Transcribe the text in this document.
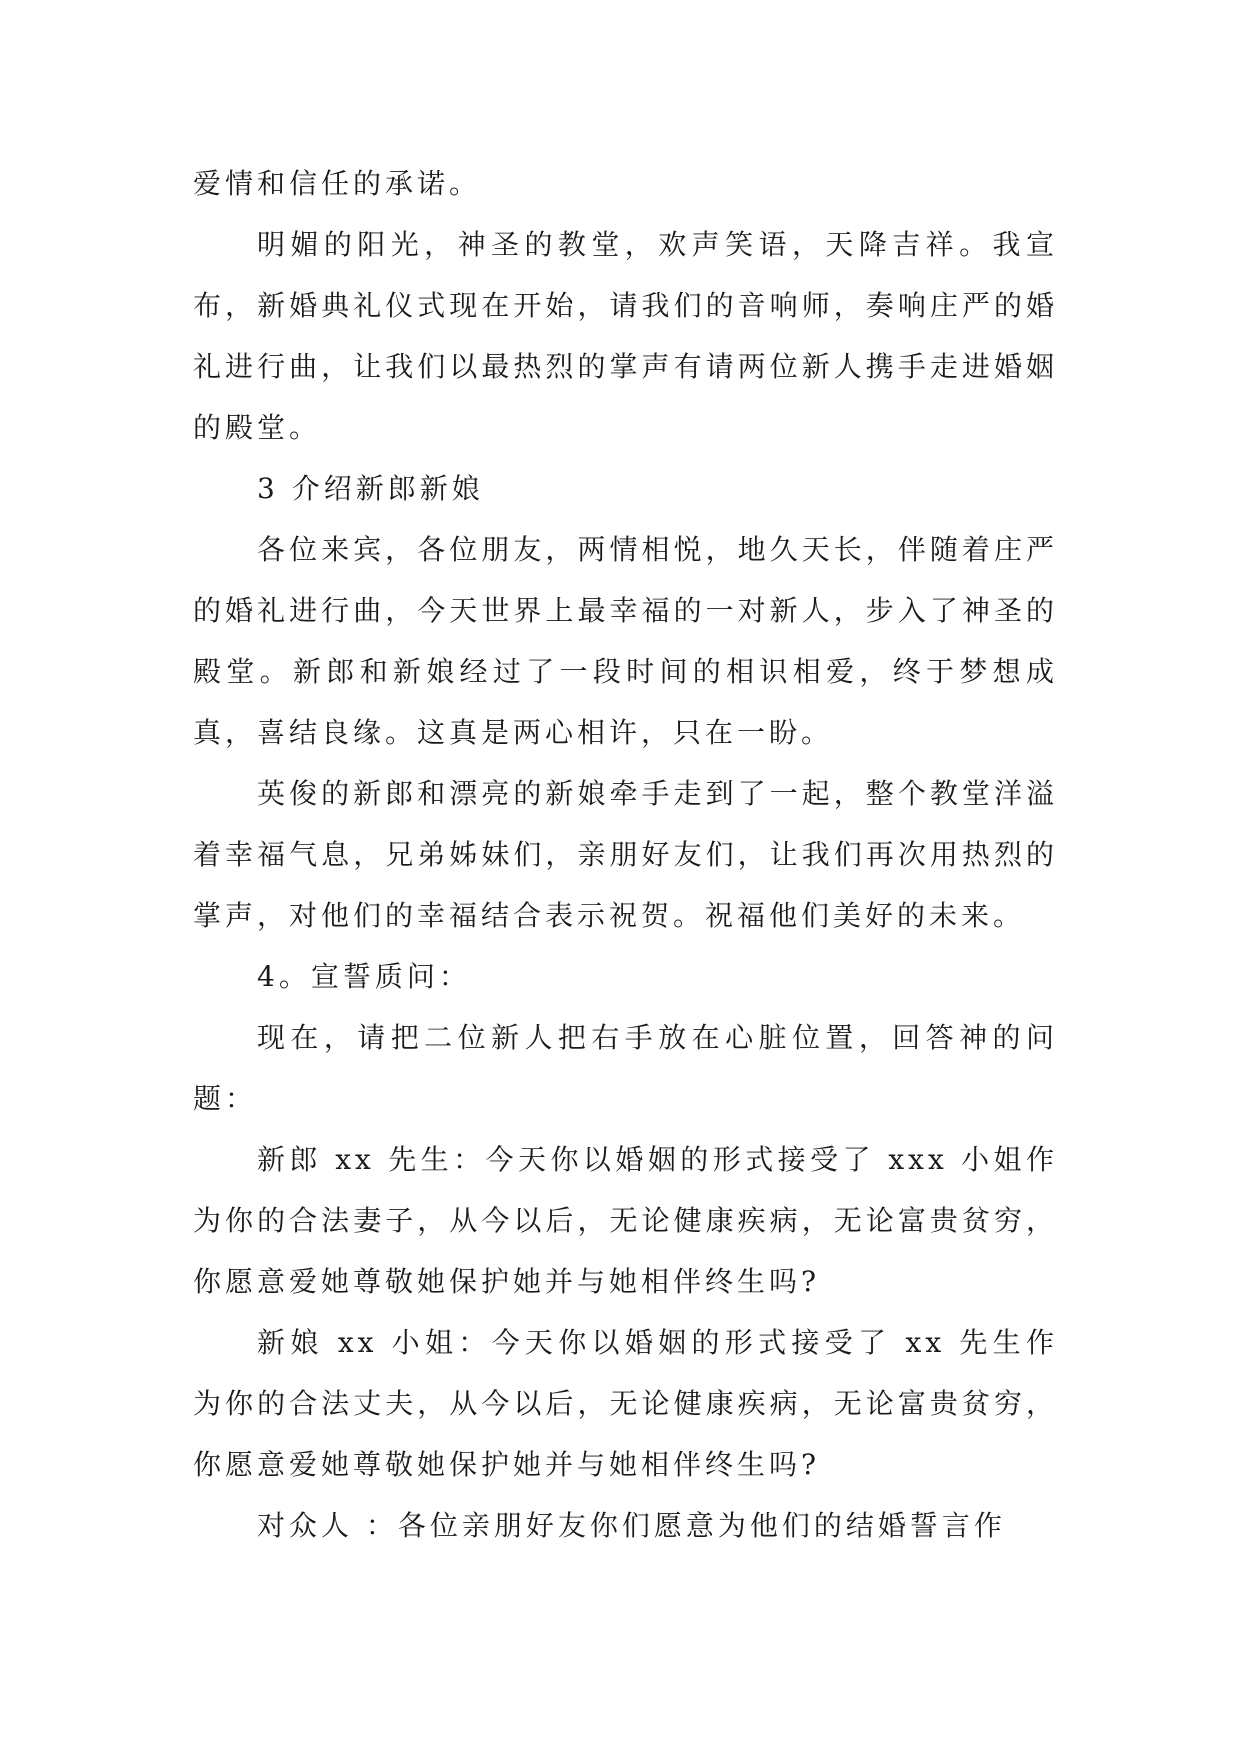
爱情和信任的承诺。

明媚的阳光，神圣的教堂，欢声笑语，天降吉祥。我宣布，新婚典礼仪式现在开始，请我们的音响师，奏响庄严的婚礼进行曲，让我们以最热烈的掌声有请两位新人携手走进婚姻的殿堂。

3 介绍新郎新娘

各位来宾，各位朋友，两情相悦，地久天长，伴随着庄严的婚礼进行曲，今天世界上最幸福的一对新人，步入了神圣的殿堂。新郎和新娘经过了一段时间的相识相爱，终于梦想成真，喜结良缘。这真是两心相许，只在一盼。

英俊的新郎和漂亮的新娘牵手走到了一起，整个教堂洋溢着幸福气息，兄弟姊妹们，亲朋好友们，让我们再次用热烈的掌声，对他们的幸福结合表示祝贺。祝福他们美好的未来。

4。宣誓质问：

现在，请把二位新人把右手放在心脏位置，回答神的问题：

新郎 xx 先生：今天你以婚姻的形式接受了 xxx 小姐作为你的合法妻子，从今以后，无论健康疾病，无论富贵贫穷，你愿意爱她尊敬她保护她并与她相伴终生吗?

新娘 xx 小姐：今天你以婚姻的形式接受了 xx 先生作为你的合法丈夫，从今以后，无论健康疾病，无论富贵贫穷，你愿意爱她尊敬她保护她并与她相伴终生吗?

对众人 ：各位亲朋好友你们愿意为他们的结婚誓言作
